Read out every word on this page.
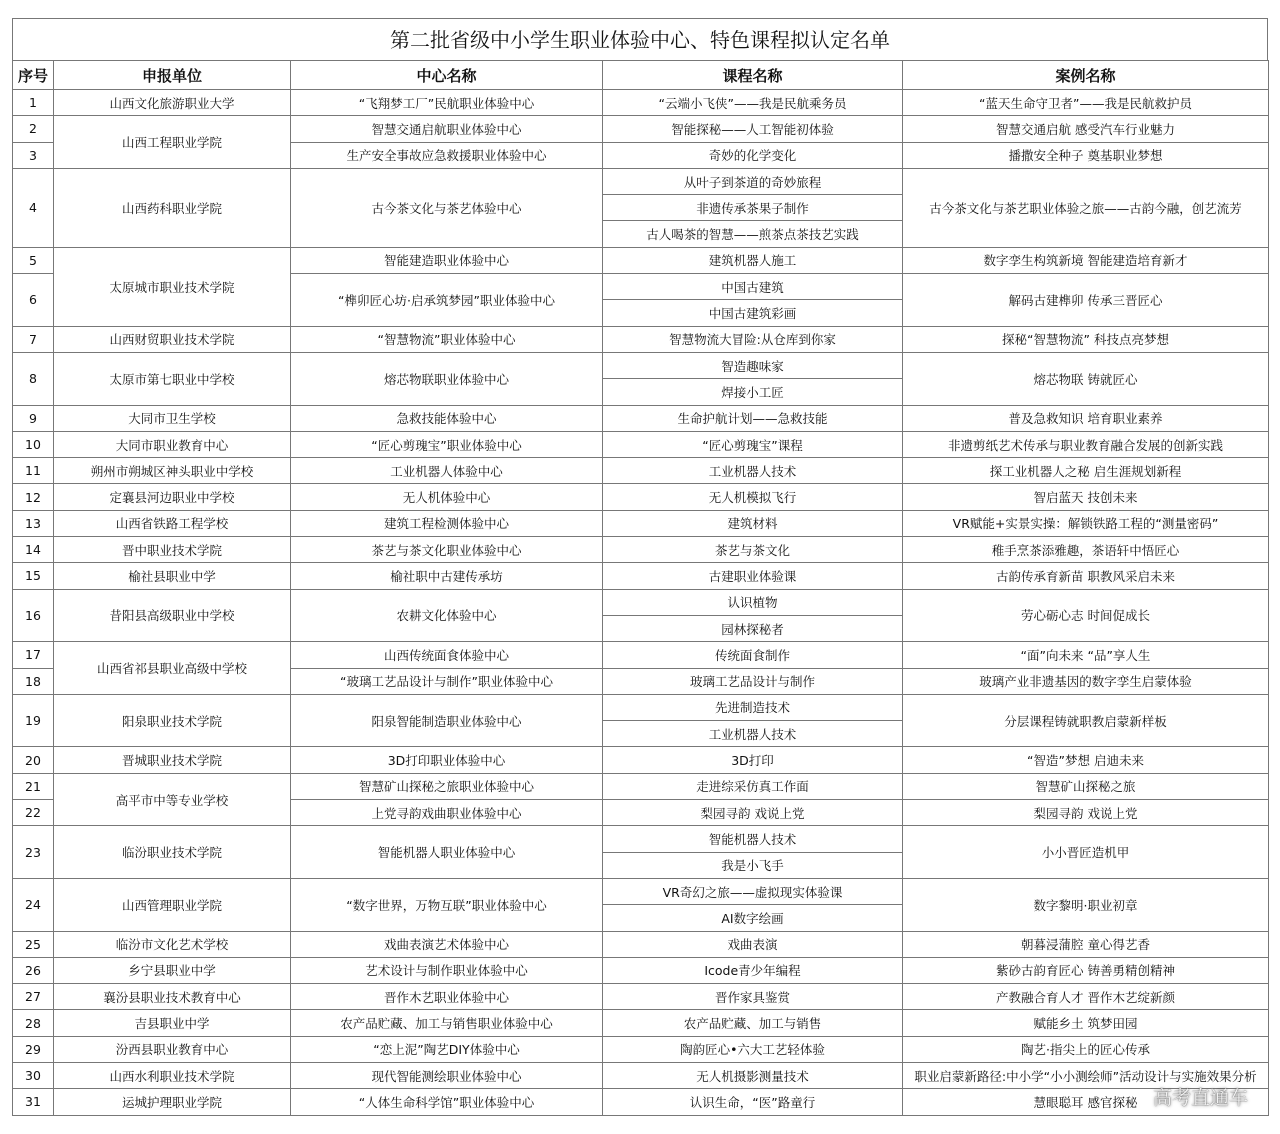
第二批省级中小学生职业体验中心、特色课程拟认定名单
序号	申报单位	中心名称	课程名称	案例名称
1	山西文化旅游职业大学	“飞翔梦工厂”民航职业体验中心	“云端小飞侠”——我是民航乘务员	“蓝天生命守卫者”——我是民航救护员
2	山西工程职业学院	智慧交通启航职业体验中心	智能探秘——人工智能初体验	智慧交通启航 感受汽车行业魅力
3		生产安全事故应急救援职业体验中心	奇妙的化学变化	播撒安全种子 奠基职业梦想
4	山西药科职业学院	古今茶文化与茶艺体验中心	从叶子到茶道的奇妙旅程	古今茶文化与茶艺职业体验之旅——古韵今融，创艺流芳
			非遗传承茶果子制作	
			古人喝茶的智慧——煎茶点茶技艺实践	
5	太原城市职业技术学院	智能建造职业体验中心	建筑机器人施工	数字孪生构筑新境 智能建造培育新才
6		“榫卯匠心坊·启承筑梦园”职业体验中心	中国古建筑	解码古建榫卯 传承三晋匠心
			中国古建筑彩画	
7	山西财贸职业技术学院	“智慧物流”职业体验中心	智慧物流大冒险:从仓库到你家	探秘“智慧物流” 科技点亮梦想
8	太原市第七职业中学校	熔芯物联职业体验中心	智造趣味家	熔芯物联 铸就匠心
			焊接小工匠	
9	大同市卫生学校	急救技能体验中心	生命护航计划——急救技能	普及急救知识 培育职业素养
10	大同市职业教育中心	“匠心剪瑰宝”职业体验中心	“匠心剪瑰宝”课程	非遗剪纸艺术传承与职业教育融合发展的创新实践
11	朔州市朔城区神头职业中学校	工业机器人体验中心	工业机器人技术	探工业机器人之秘 启生涯规划新程
12	定襄县河边职业中学校	无人机体验中心	无人机模拟飞行	智启蓝天 技创未来
13	山西省铁路工程学校	建筑工程检测体验中心	建筑材料	VR赋能+实景实操：解锁铁路工程的“测量密码”
14	晋中职业技术学院	茶艺与茶文化职业体验中心	茶艺与茶文化	稚手烹茶添雅趣，茶语轩中悟匠心
15	榆社县职业中学	榆社职中古建传承坊	古建职业体验课	古韵传承育新苗 职教风采启未来
16	昔阳县高级职业中学校	农耕文化体验中心	认识植物	劳心砺心志 时间促成长
			园林探秘者	
17	山西省祁县职业高级中学校	山西传统面食体验中心	传统面食制作	“面”向未来 “品”享人生
18		“玻璃工艺品设计与制作”职业体验中心	玻璃工艺品设计与制作	玻璃产业非遗基因的数字孪生启蒙体验
19	阳泉职业技术学院	阳泉智能制造职业体验中心	先进制造技术	分层课程铸就职教启蒙新样板
			工业机器人技术	
20	晋城职业技术学院	3D打印职业体验中心	3D打印	“智造”梦想 启迪未来
21	高平市中等专业学校	智慧矿山探秘之旅职业体验中心	走进综采仿真工作面	智慧矿山探秘之旅
22		上党寻韵戏曲职业体验中心	梨园寻韵 戏说上党	梨园寻韵 戏说上党
23	临汾职业技术学院	智能机器人职业体验中心	智能机器人技术	小小晋匠造机甲
			我是小飞手	
24	山西管理职业学院	“数字世界，万物互联”职业体验中心	VR奇幻之旅——虚拟现实体验课	数字黎明·职业初章
			AI数字绘画	
25	临汾市文化艺术学校	戏曲表演艺术体验中心	戏曲表演	朝暮浸蒲腔 童心得艺香
26	乡宁县职业中学	艺术设计与制作职业体验中心	Icode青少年编程	紫砂古韵育匠心 铸善勇精创精神
27	襄汾县职业技术教育中心	晋作木艺职业体验中心	晋作家具鉴赏	产教融合育人才 晋作木艺绽新颜
28	吉县职业中学	农产品贮藏、加工与销售职业体验中心	农产品贮藏、加工与销售	赋能乡土 筑梦田园
29	汾西县职业教育中心	“恋上泥”陶艺DIY体验中心	陶韵匠心•六大工艺轻体验	陶艺·指尖上的匠心传承
30	山西水利职业技术学院	现代智能测绘职业体验中心	无人机摄影测量技术	职业启蒙新路径:中小学“小小测绘师”活动设计与实施效果分析
31	运城护理职业学院	“人体生命科学馆”职业体验中心	认识生命，“医”路童行	慧眼聪耳 感官探秘 高考直通车
